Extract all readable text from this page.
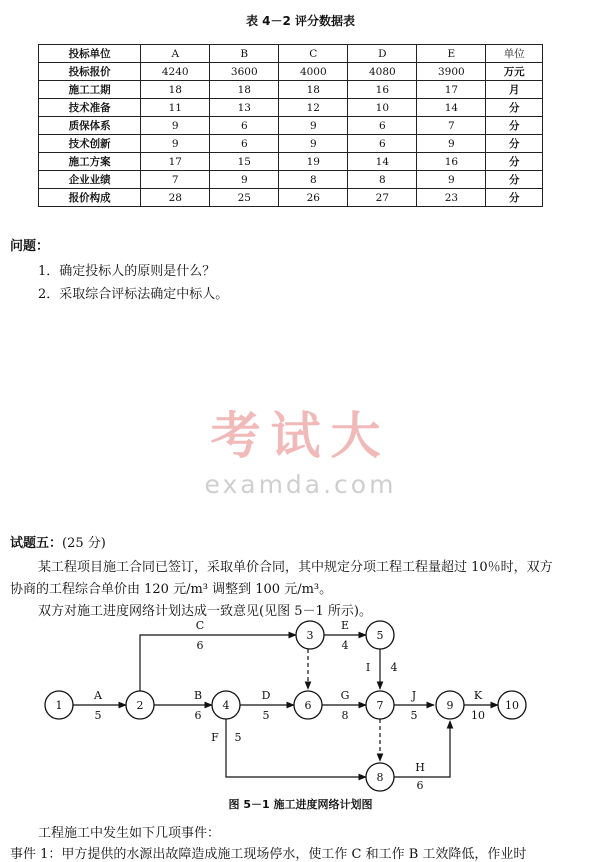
表 4－2 评分数据表
投标单位	A	B	C	D	E	单位
投标报价	4240	3600	4000	4080	3900	万元
施工工期	18	18	18	16	17	月
技术准备	11	13	12	10	14	分
质保体系	9	6	9	6	7	分
技术创新	9	6	9	6	9	分
施工方案	17	15	19	14	16	分
企业业绩	7	9	8	8	9	分
报价构成	28	25	26	27	23	分
问题：
1．确定投标人的原则是什么？
2．采取综合评标法确定中标人。
考试大
examda.com
试题五：(25 分)
某工程项目施工合同已签订，采取单价合同，其中规定分项工程工程量超过 10％时，双方
协商的工程综合单价由 120 元/m³ 调整到 100 元/m³。
双方对施工进度网络计划达成一致意见(见图 5－1 所示)。
1	2
3
4
5
6	7
8
9	10
A
5
B
6
C
6
D
5
E
4
F 5
G
8
H
6
I 4
J
5
K
10
图 5－1 施工进度网络计划图
工程施工中发生如下几项事件：
事件 1：甲方提供的水源出故障造成施工现场停水，使工作 C 和工作 B 工效降低，作业时
